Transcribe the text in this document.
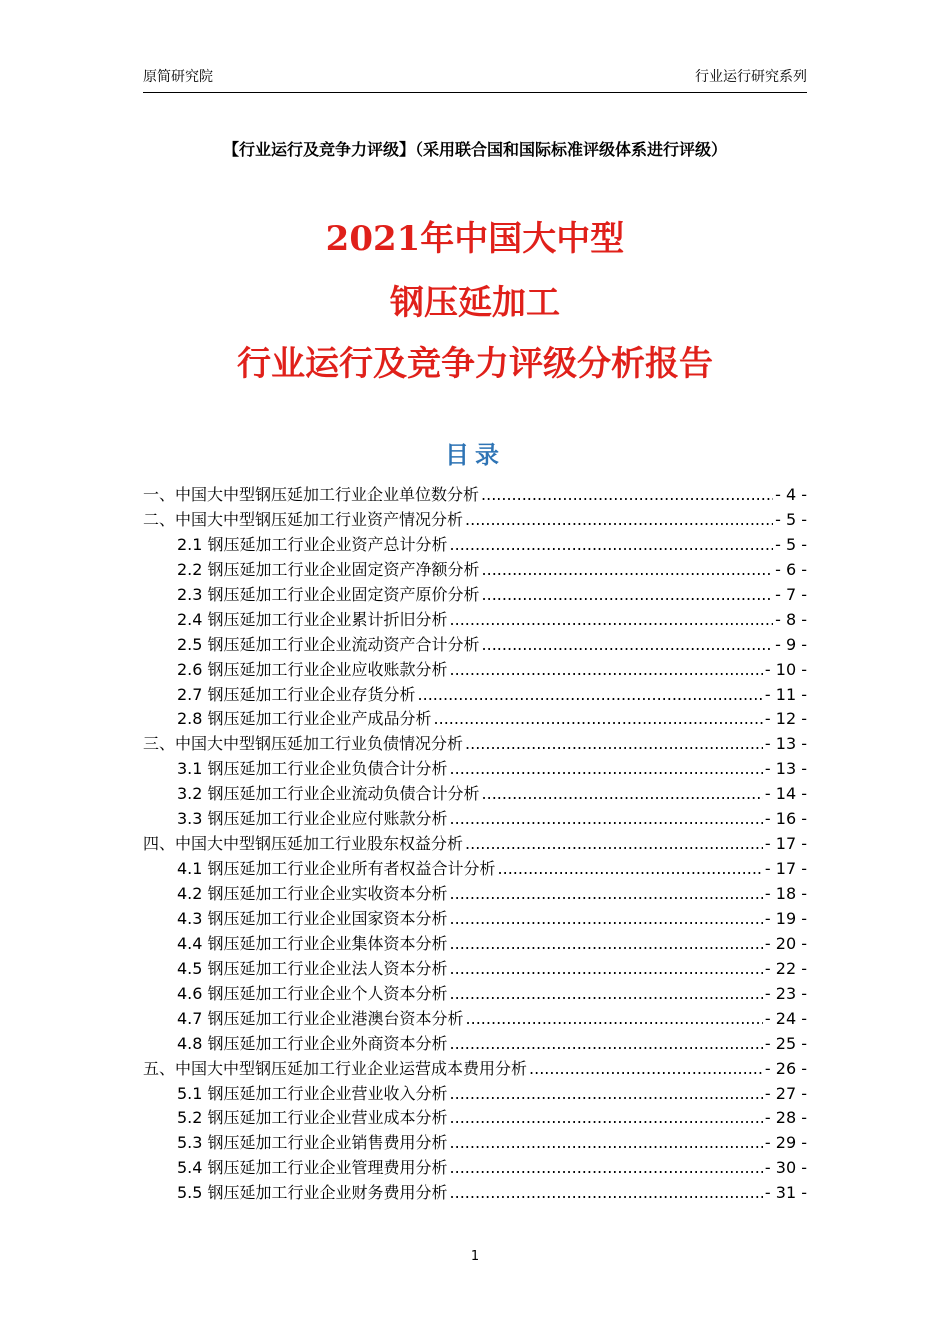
原简研究院	行业运行研究系列
【行业运行及竞争力评级】（采用联合国和国际标准评级体系进行评级）
2021年中国大中型
钢压延加工
行业运行及竞争力评级分析报告
目录
一、中国大中型钢压延加工行业企业单位数分析 .....	- 4 -
二、中国大中型钢压延加工行业资产情况分析 .....	- 5 -
2.1 钢压延加工行业企业资产总计分析 .....	- 5 -
2.2 钢压延加工行业企业固定资产净额分析 .....	- 6 -
2.3 钢压延加工行业企业固定资产原价分析 .....	- 7 -
2.4 钢压延加工行业企业累计折旧分析 .....	- 8 -
2.5 钢压延加工行业企业流动资产合计分析 .....	- 9 -
2.6 钢压延加工行业企业应收账款分析 .....	- 10 -
2.7 钢压延加工行业企业存货分析 .....	- 11 -
2.8 钢压延加工行业企业产成品分析 .....	- 12 -
三、中国大中型钢压延加工行业负债情况分析 .....	- 13 -
3.1 钢压延加工行业企业负债合计分析 .....	- 13 -
3.2 钢压延加工行业企业流动负债合计分析 .....	- 14 -
3.3 钢压延加工行业企业应付账款分析 .....	- 16 -
四、中国大中型钢压延加工行业股东权益分析 .....	- 17 -
4.1 钢压延加工行业企业所有者权益合计分析 .....	- 17 -
4.2 钢压延加工行业企业实收资本分析 .....	- 18 -
4.3 钢压延加工行业企业国家资本分析 .....	- 19 -
4.4 钢压延加工行业企业集体资本分析 .....	- 20 -
4.5 钢压延加工行业企业法人资本分析 .....	- 22 -
4.6 钢压延加工行业企业个人资本分析 .....	- 23 -
4.7 钢压延加工行业企业港澳台资本分析 .....	- 24 -
4.8 钢压延加工行业企业外商资本分析 .....	- 25 -
五、中国大中型钢压延加工行业企业运营成本费用分析 .....	- 26 -
5.1 钢压延加工行业企业营业收入分析 .....	- 27 -
5.2 钢压延加工行业企业营业成本分析 .....	- 28 -
5.3 钢压延加工行业企业销售费用分析 .....	- 29 -
5.4 钢压延加工行业企业管理费用分析 .....	- 30 -
5.5 钢压延加工行业企业财务费用分析 .....	- 31 -
1
